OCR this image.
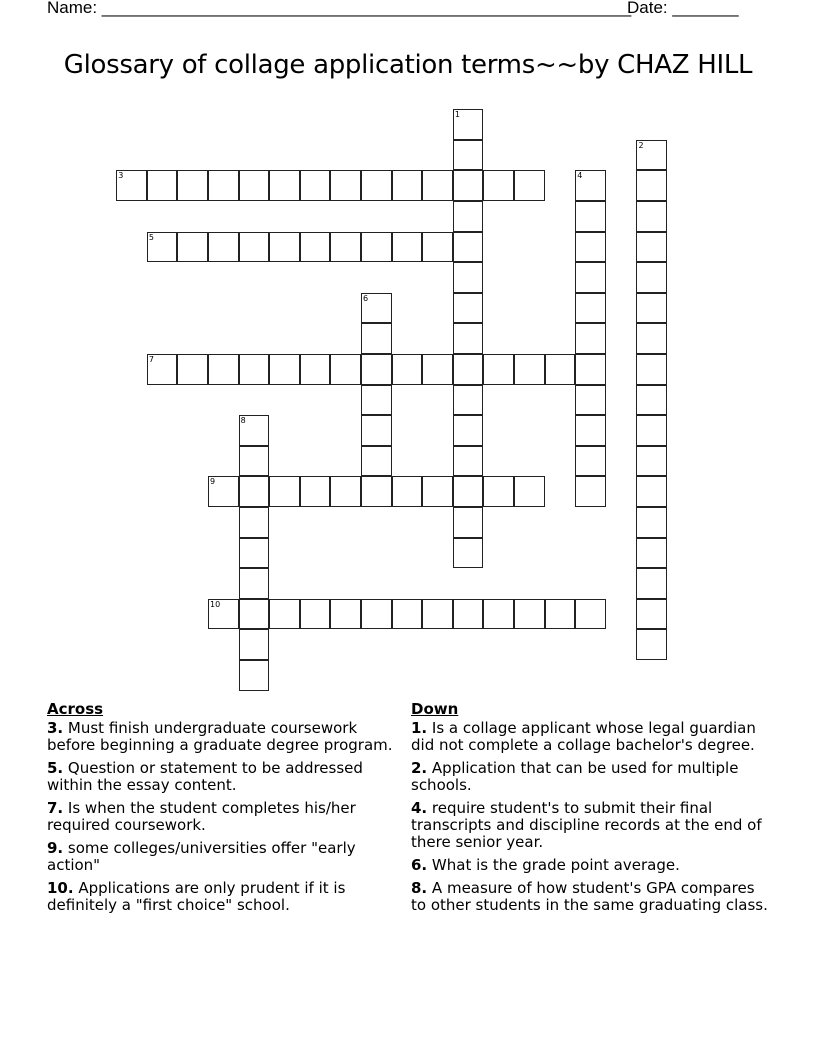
Name: ________________________________________________________
Date: _______
Glossary of collage application terms~~by CHAZ HILL
1
2
3	4
5
6
7
8
9
10
Across
3. Must finish undergraduate coursework before beginning a graduate degree program.
5. Question or statement to be addressed within the essay content.
7. Is when the student completes his/her required coursework.
9. some colleges/universities offer "early action"
10. Applications are only prudent if it is definitely a "first choice" school.
Down
1. Is a collage applicant whose legal guardian did not complete a collage bachelor's degree.
2. Application that can be used for multiple schools.
4. require student's to submit their final transcripts and discipline records at the end of there senior year.
6. What is the grade point average.
8. A measure of how student's GPA compares to other students in the same graduating class.
